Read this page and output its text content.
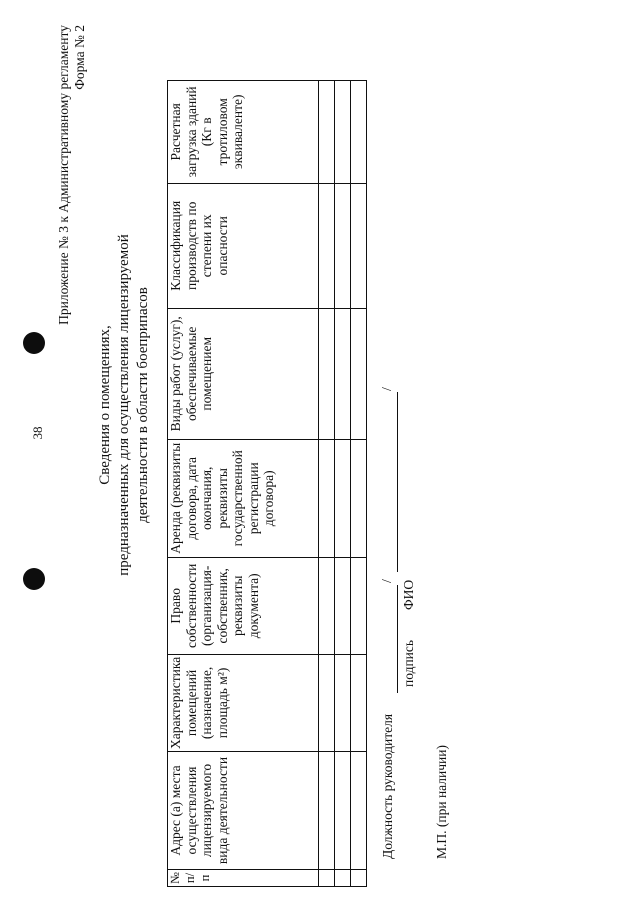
38
Приложение № 3 к Административному регламенту Форма № 2
Сведения о помещениях, предназначенных для осуществления лицензируемой деятельности в области боеприпасов
№ п/п	Адрес (а) места осуществления лицензируемого вида деятельности	Характеристика помещений (назначение, площадь м²)	Право собственности (организация-собственник, реквизиты документа)	Аренда (реквизиты договора, дата окончания, реквизиты государственной регистрации договора)	Виды работ (услуг), обеспечиваемые помещением	Классификация производств по степени их опасности	Расчетная загрузка зданий (Кг в тротиловом эквиваленте)

Должность руководителя
/
/
подпись
ФИО
М.П. (при наличии)
